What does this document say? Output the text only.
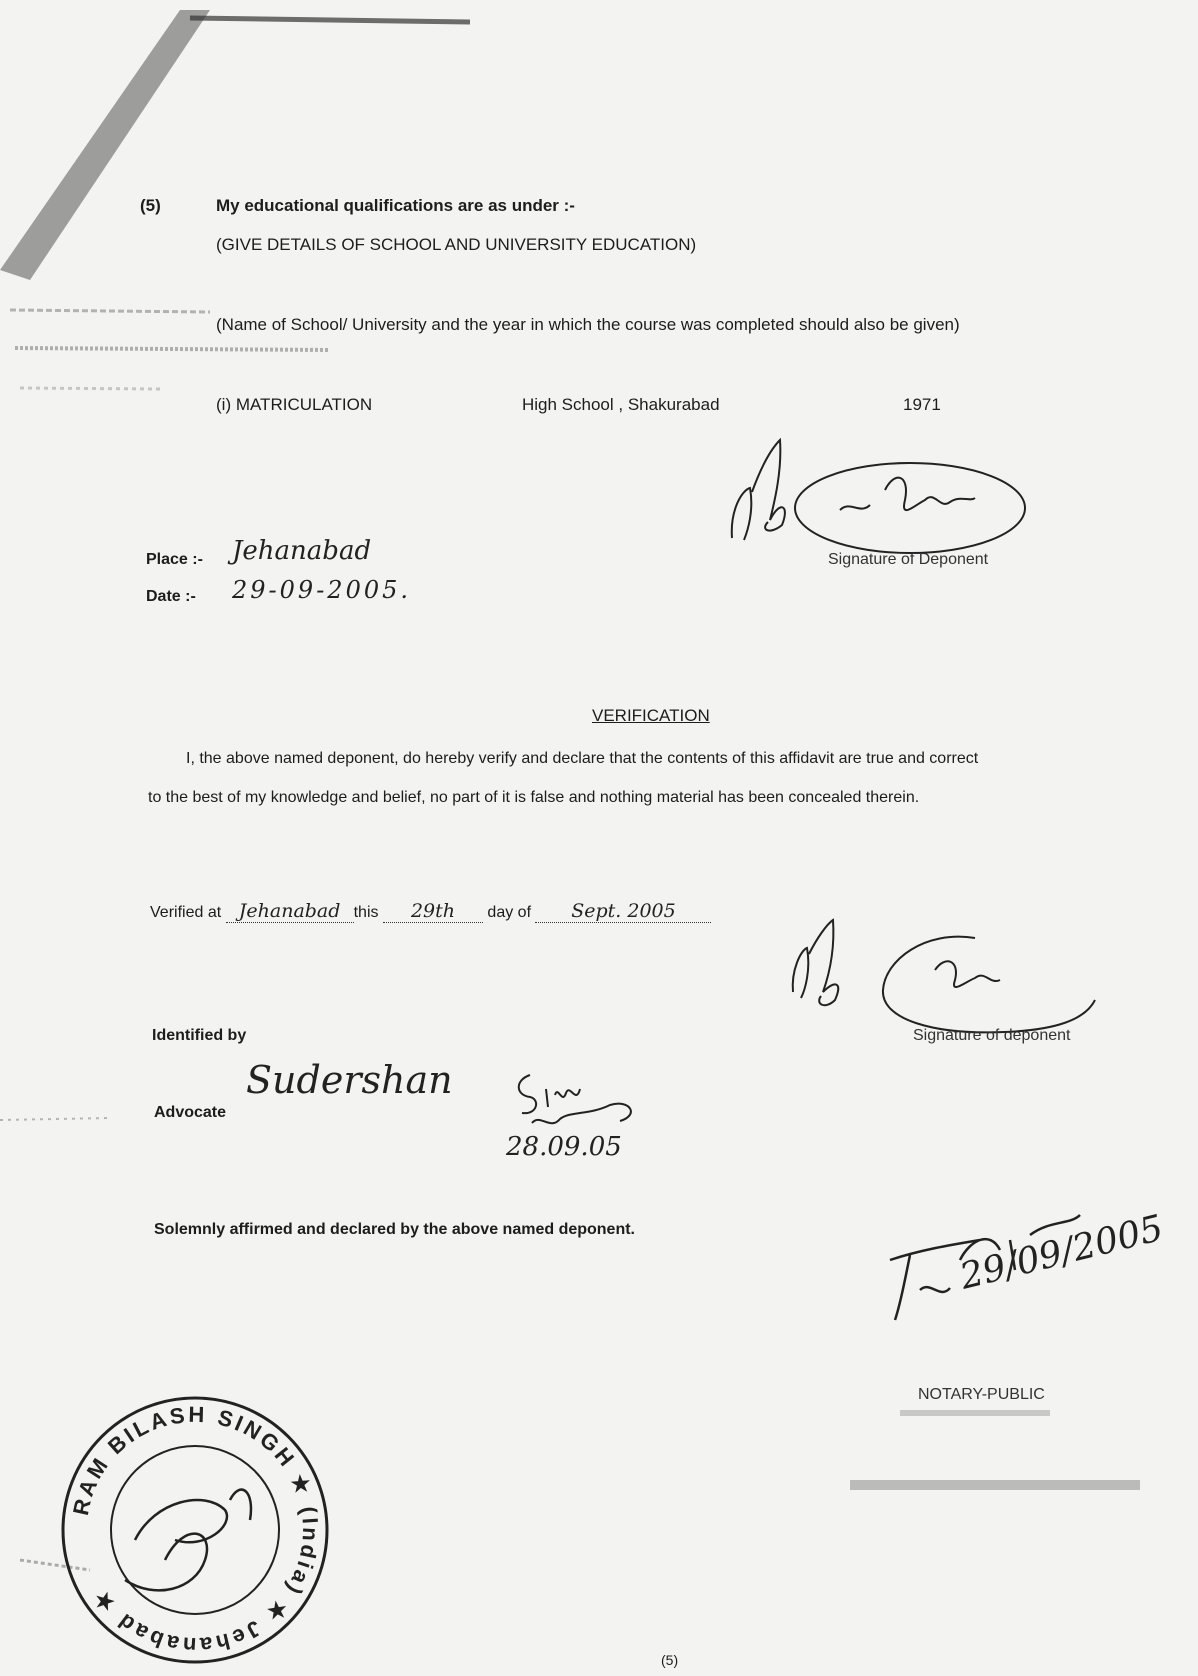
(5)	My educational qualifications are as under :-
(GIVE DETAILS OF SCHOOL AND UNIVERSITY EDUCATION)
(Name of School/ University and the year in which the course was completed should also be given)
(i) MATRICULATION	High School , Shakurabad	1971
Signature of Deponent
Place :- Jehanabad
Date :- 29-09-2005.
VERIFICATION
I, the above named deponent, do hereby verify and declare that the contents of this affidavit are true and correct
to the best of my knowledge and belief, no part of it is false and nothing material has been concealed therein.
Verified at Jehanabad this 29th day of Sept. 2005
Signature of deponent
Identified by
Advocate
Sudershan
28.09.05
Solemnly affirmed and declared by the above named deponent.	29/09/2005
NOTARY-PUBLIC
RAM BILASH SINGH ★ (India) ★ Jehanabad ★
(5)
